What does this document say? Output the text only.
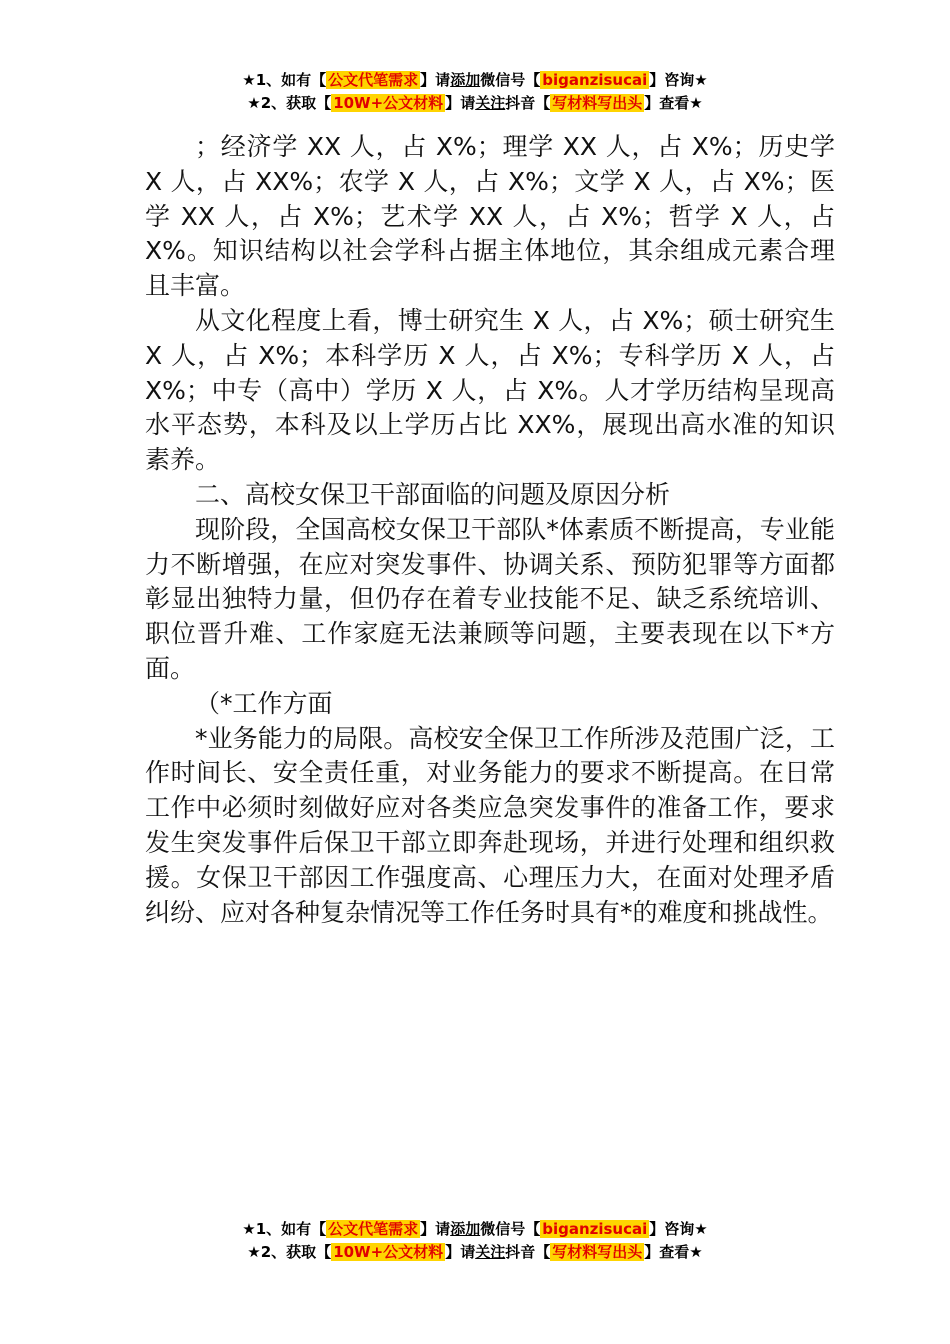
★1、如有【 公文代笔需求 】请添加微信号【 biganzisucai 】咨询★
★2、获取【 10W+公文材料 】请关注抖音【 写材料写出头 】查看★

；经济学 XX 人，占 X%；理学 XX 人，占 X%；历史学 X 人，占 XX%；农学 X 人，占 X%；文学 X 人，占 X%；医学 XX 人，占 X%；艺术学 XX 人，占 X%；哲学 X 人，占 X%。知识结构以社会学科占据主体地位，其余组成元素合理且丰富。

从文化程度上看，博士研究生 X 人，占 X%；硕士研究生 X 人，占 X%；本科学历 X 人，占 X%；专科学历 X 人，占 X%；中专（高中）学历 X 人，占 X%。人才学历结构呈现高水平态势，本科及以上学历占比 XX%，展现出高水准的知识素养。

二、高校女保卫干部面临的问题及原因分析

现阶段，全国高校女保卫干部队*体素质不断提高，专业能力不断增强，在应对突发事件、协调关系、预防犯罪等方面都彰显出独特力量，但仍存在着专业技能不足、缺乏系统培训、职位晋升难、工作家庭无法兼顾等问题，主要表现在以下*方面。

（*工作方面

*业务能力的局限。高校安全保卫工作所涉及范围广泛，工作时间长、安全责任重，对业务能力的要求不断提高。在日常工作中必须时刻做好应对各类应急突发事件的准备工作，要求发生突发事件后保卫干部立即奔赴现场，并进行处理和组织救援。女保卫干部因工作强度高、心理压力大，在面对处理矛盾纠纷、应对各种复杂情况等工作任务时具有*的难度和挑战性。

★1、如有【 公文代笔需求 】请添加微信号【 biganzisucai 】咨询★
★2、获取【 10W+公文材料 】请关注抖音【 写材料写出头 】查看★
